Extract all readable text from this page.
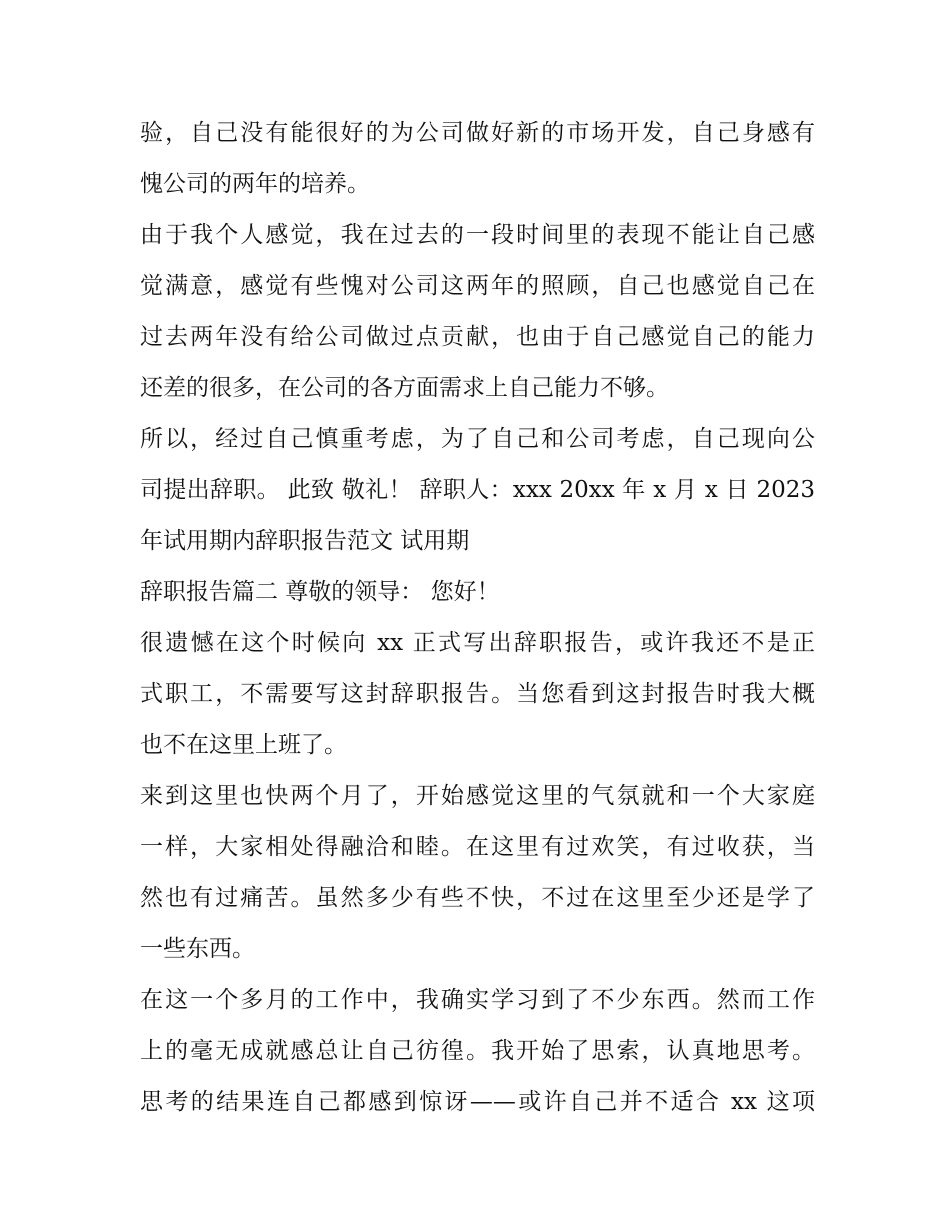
验，自己没有能很好的为公司做好新的市场开发，自己身感有
愧公司的两年的培养。
由于我个人感觉，我在过去的一段时间里的表现不能让自己感
觉满意，感觉有些愧对公司这两年的照顾，自己也感觉自己在
过去两年没有给公司做过点贡献，也由于自己感觉自己的能力
还差的很多，在公司的各方面需求上自己能力不够。
所以，经过自己慎重考虑，为了自己和公司考虑，自己现向公
司提出辞职。 此致 敬礼！ 辞职人：xxx 20xx 年 x 月 x 日 2023
年试用期内辞职报告范文 试用期
辞职报告篇二 尊敬的领导： 您好！
很遗憾在这个时候向 xx 正式写出辞职报告，或许我还不是正
式职工，不需要写这封辞职报告。当您看到这封报告时我大概
也不在这里上班了。
来到这里也快两个月了，开始感觉这里的气氛就和一个大家庭
一样，大家相处得融洽和睦。在这里有过欢笑，有过收获，当
然也有过痛苦。虽然多少有些不快，不过在这里至少还是学了
一些东西。
在这一个多月的工作中，我确实学习到了不少东西。然而工作
上的毫无成就感总让自己彷徨。我开始了思索，认真地思考。
思考的结果连自己都感到惊讶——或许自己并不适合 xx 这项
